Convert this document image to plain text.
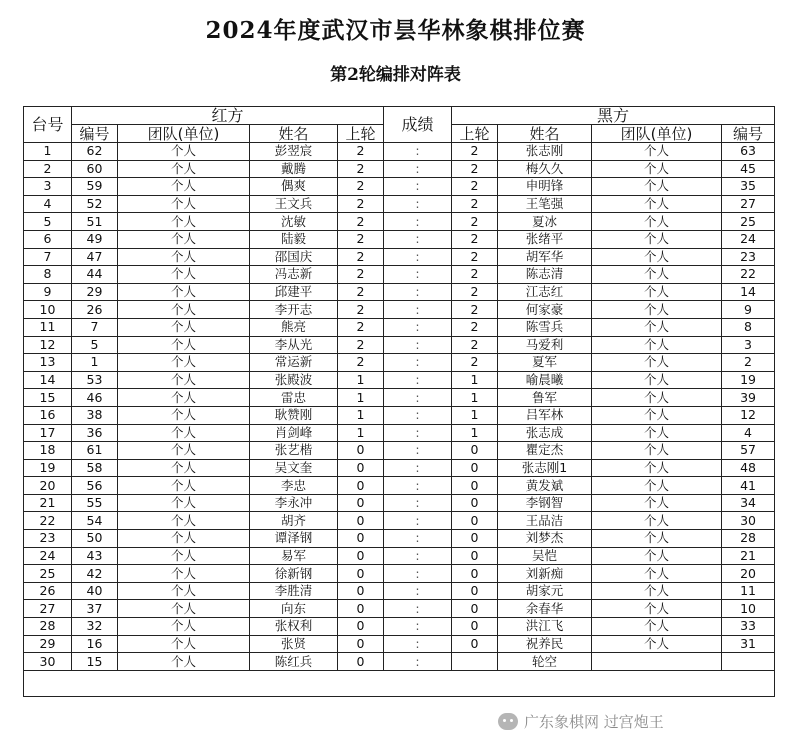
2024年度武汉市昙华林象棋排位赛
第2轮编排对阵表
台号	红方				成绩	黑方			
	编号	团队(单位)	姓名	上轮		上轮	姓名	团队(单位)	编号
1	62	个人	彭翌宸	2	:	2	张志刚	个人	63
2	60	个人	戴腾	2	:	2	梅久久	个人	45
3	59	个人	偶爽	2	:	2	申明锋	个人	35
4	52	个人	王文兵	2	:	2	王笔强	个人	27
5	51	个人	沈敏	2	:	2	夏冰	个人	25
6	49	个人	陆毅	2	:	2	张绪平	个人	24
7	47	个人	邵国庆	2	:	2	胡军华	个人	23
8	44	个人	冯志新	2	:	2	陈志清	个人	22
9	29	个人	邱建平	2	:	2	江志红	个人	14
10	26	个人	李开志	2	:	2	何家豪	个人	9
11	7	个人	熊亮	2	:	2	陈雪兵	个人	8
12	5	个人	李从光	2	:	2	马爱利	个人	3
13	1	个人	常运新	2	:	2	夏军	个人	2
14	53	个人	张殿波	1	:	1	喻晨曦	个人	19
15	46	个人	雷忠	1	:	1	鲁军	个人	39
16	38	个人	耿赞刚	1	:	1	吕军林	个人	12
17	36	个人	肖剑峰	1	:	1	张志成	个人	4
18	61	个人	张艺楷	0	:	0	瞿定杰	个人	57
19	58	个人	吴文奎	0	:	0	张志刚1	个人	48
20	56	个人	李忠	0	:	0	黄发斌	个人	41
21	55	个人	李永冲	0	:	0	李钢智	个人	34
22	54	个人	胡齐	0	:	0	王品洁	个人	30
23	50	个人	谭泽钢	0	:	0	刘梦杰	个人	28
24	43	个人	易军	0	:	0	吴恺	个人	21
25	42	个人	徐新钢	0	:	0	刘新痴	个人	20
26	40	个人	李胜清	0	:	0	胡家元	个人	11
27	37	个人	向东	0	:	0	余春华	个人	10
28	32	个人	张权利	0	:	0	洪江飞	个人	33
29	16	个人	张贤	0	:	0	祝养民	个人	31
30	15	个人	陈红兵	0	:		轮空		

广东象棋网 过宫炮王
